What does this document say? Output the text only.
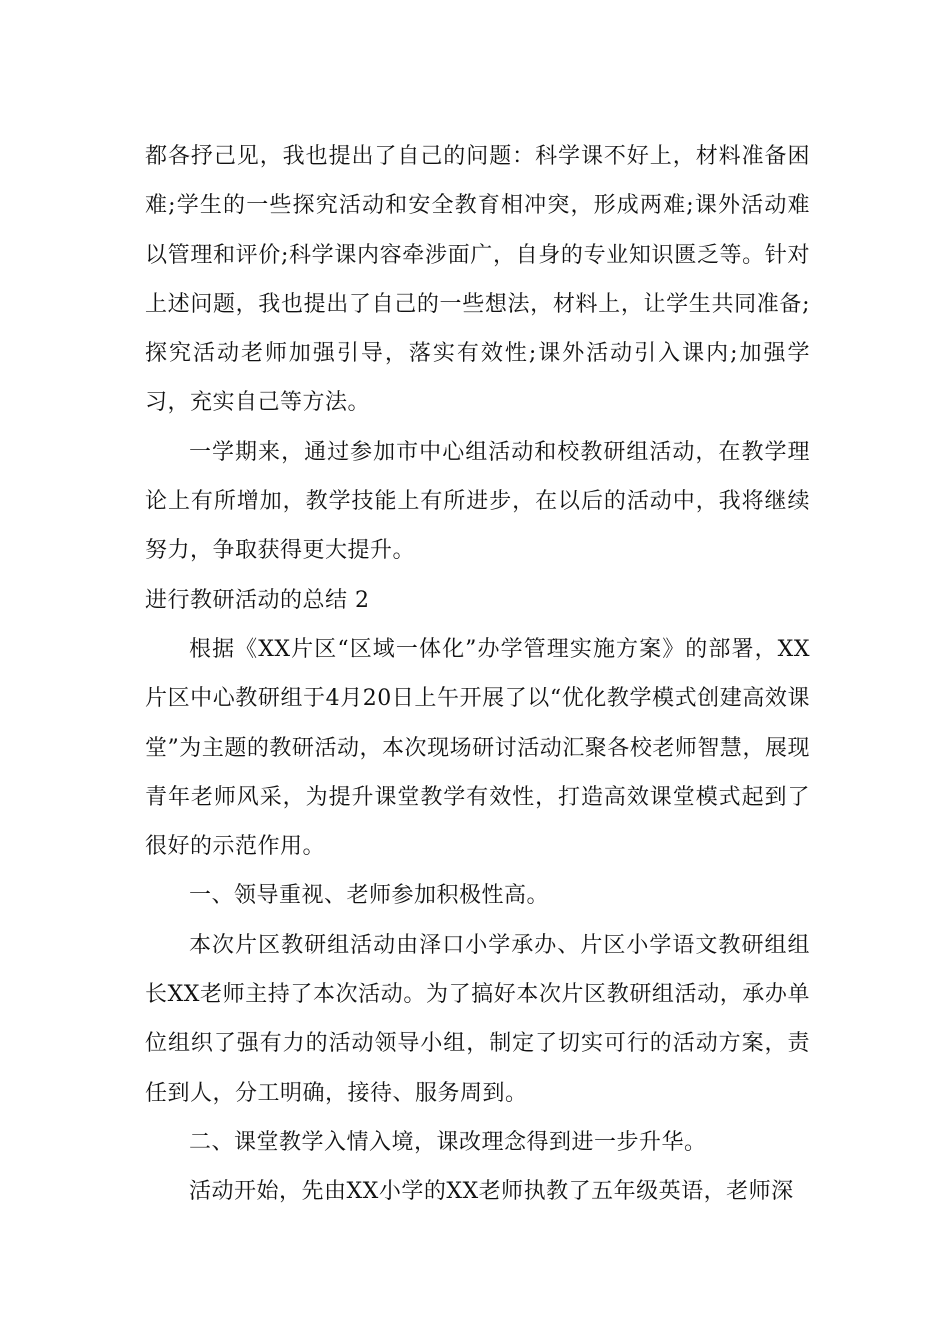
都各抒己见，我也提出了自己的问题：科学课不好上，材料准备困难;学生的一些探究活动和安全教育相冲突，形成两难;课外活动难以管理和评价;科学课内容牵涉面广，自身的专业知识匮乏等。针对上述问题，我也提出了自己的一些想法，材料上，让学生共同准备;探究活动老师加强引导，落实有效性;课外活动引入课内;加强学习，充实自己等方法。

一学期来，通过参加市中心组活动和校教研组活动，在教学理论上有所增加，教学技能上有所进步，在以后的活动中，我将继续努力，争取获得更大提升。

进行教研活动的总结 2

根据《XX片区“区域一体化”办学管理实施方案》的部署，XX片区中心教研组于4月20日上午开展了以“优化教学模式创建高效课堂”为主题的教研活动，本次现场研讨活动汇聚各校老师智慧，展现青年老师风采，为提升课堂教学有效性，打造高效课堂模式起到了很好的示范作用。

一、领导重视、老师参加积极性高。

本次片区教研组活动由泽口小学承办、片区小学语文教研组组长XX老师主持了本次活动。为了搞好本次片区教研组活动，承办单位组织了强有力的活动领导小组，制定了切实可行的活动方案，责任到人，分工明确，接待、服务周到。

二、课堂教学入情入境，课改理念得到进一步升华。

活动开始，先由XX小学的XX老师执教了五年级英语，老师深
